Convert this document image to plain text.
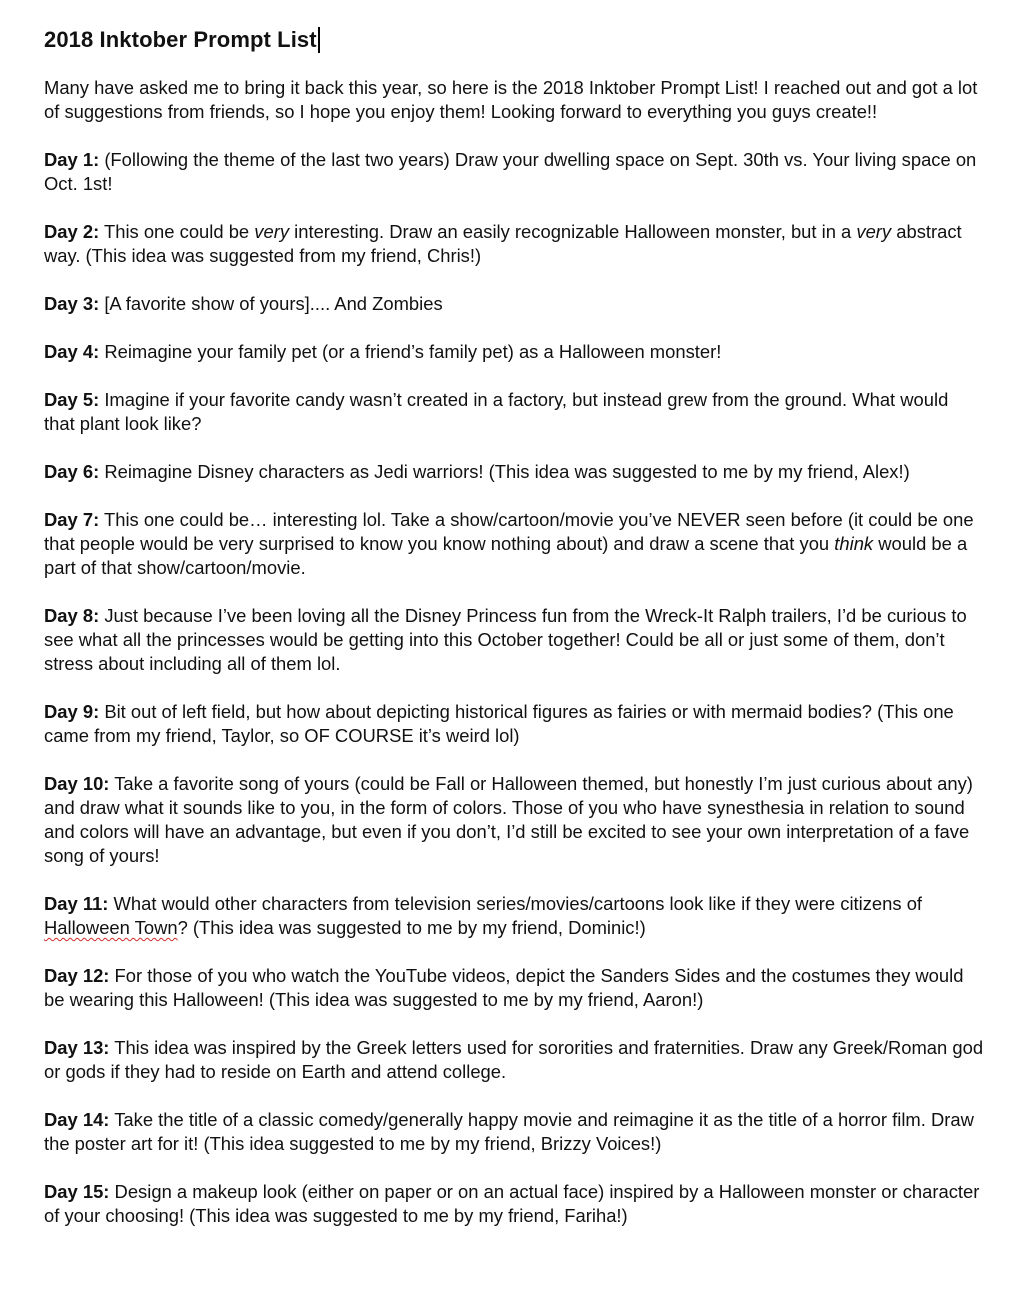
2018 Inktober Prompt List

Many have asked me to bring it back this year, so here is the 2018 Inktober Prompt List! I reached out and got a lot of suggestions from friends, so I hope you enjoy them! Looking forward to everything you guys create!!

Day 1: (Following the theme of the last two years) Draw your dwelling space on Sept. 30th vs. Your living space on Oct. 1st!

Day 2: This one could be very interesting. Draw an easily recognizable Halloween monster, but in a very abstract way. (This idea was suggested from my friend, Chris!)

Day 3: [A favorite show of yours].... And Zombies

Day 4: Reimagine your family pet (or a friend’s family pet) as a Halloween monster!

Day 5: Imagine if your favorite candy wasn’t created in a factory, but instead grew from the ground. What would that plant look like?

Day 6: Reimagine Disney characters as Jedi warriors! (This idea was suggested to me by my friend, Alex!)

Day 7: This one could be… interesting lol. Take a show/cartoon/movie you’ve NEVER seen before (it could be one that people would be very surprised to know you know nothing about) and draw a scene that you think would be a part of that show/cartoon/movie.

Day 8: Just because I’ve been loving all the Disney Princess fun from the Wreck-It Ralph trailers, I’d be curious to see what all the princesses would be getting into this October together! Could be all or just some of them, don’t stress about including all of them lol.

Day 9: Bit out of left field, but how about depicting historical figures as fairies or with mermaid bodies? (This one came from my friend, Taylor, so OF COURSE it’s weird lol)

Day 10: Take a favorite song of yours (could be Fall or Halloween themed, but honestly I’m just curious about any) and draw what it sounds like to you, in the form of colors. Those of you who have synesthesia in relation to sound and colors will have an advantage, but even if you don’t, I’d still be excited to see your own interpretation of a fave song of yours!

Day 11: What would other characters from television series/movies/cartoons look like if they were citizens of Halloween Town? (This idea was suggested to me by my friend, Dominic!)

Day 12: For those of you who watch the YouTube videos, depict the Sanders Sides and the costumes they would be wearing this Halloween! (This idea was suggested to me by my friend, Aaron!)

Day 13: This idea was inspired by the Greek letters used for sororities and fraternities. Draw any Greek/Roman god or gods if they had to reside on Earth and attend college.

Day 14: Take the title of a classic comedy/generally happy movie and reimagine it as the title of a horror film. Draw the poster art for it! (This idea suggested to me by my friend, Brizzy Voices!)

Day 15: Design a makeup look (either on paper or on an actual face) inspired by a Halloween monster or character of your choosing! (This idea was suggested to me by my friend, Fariha!)
